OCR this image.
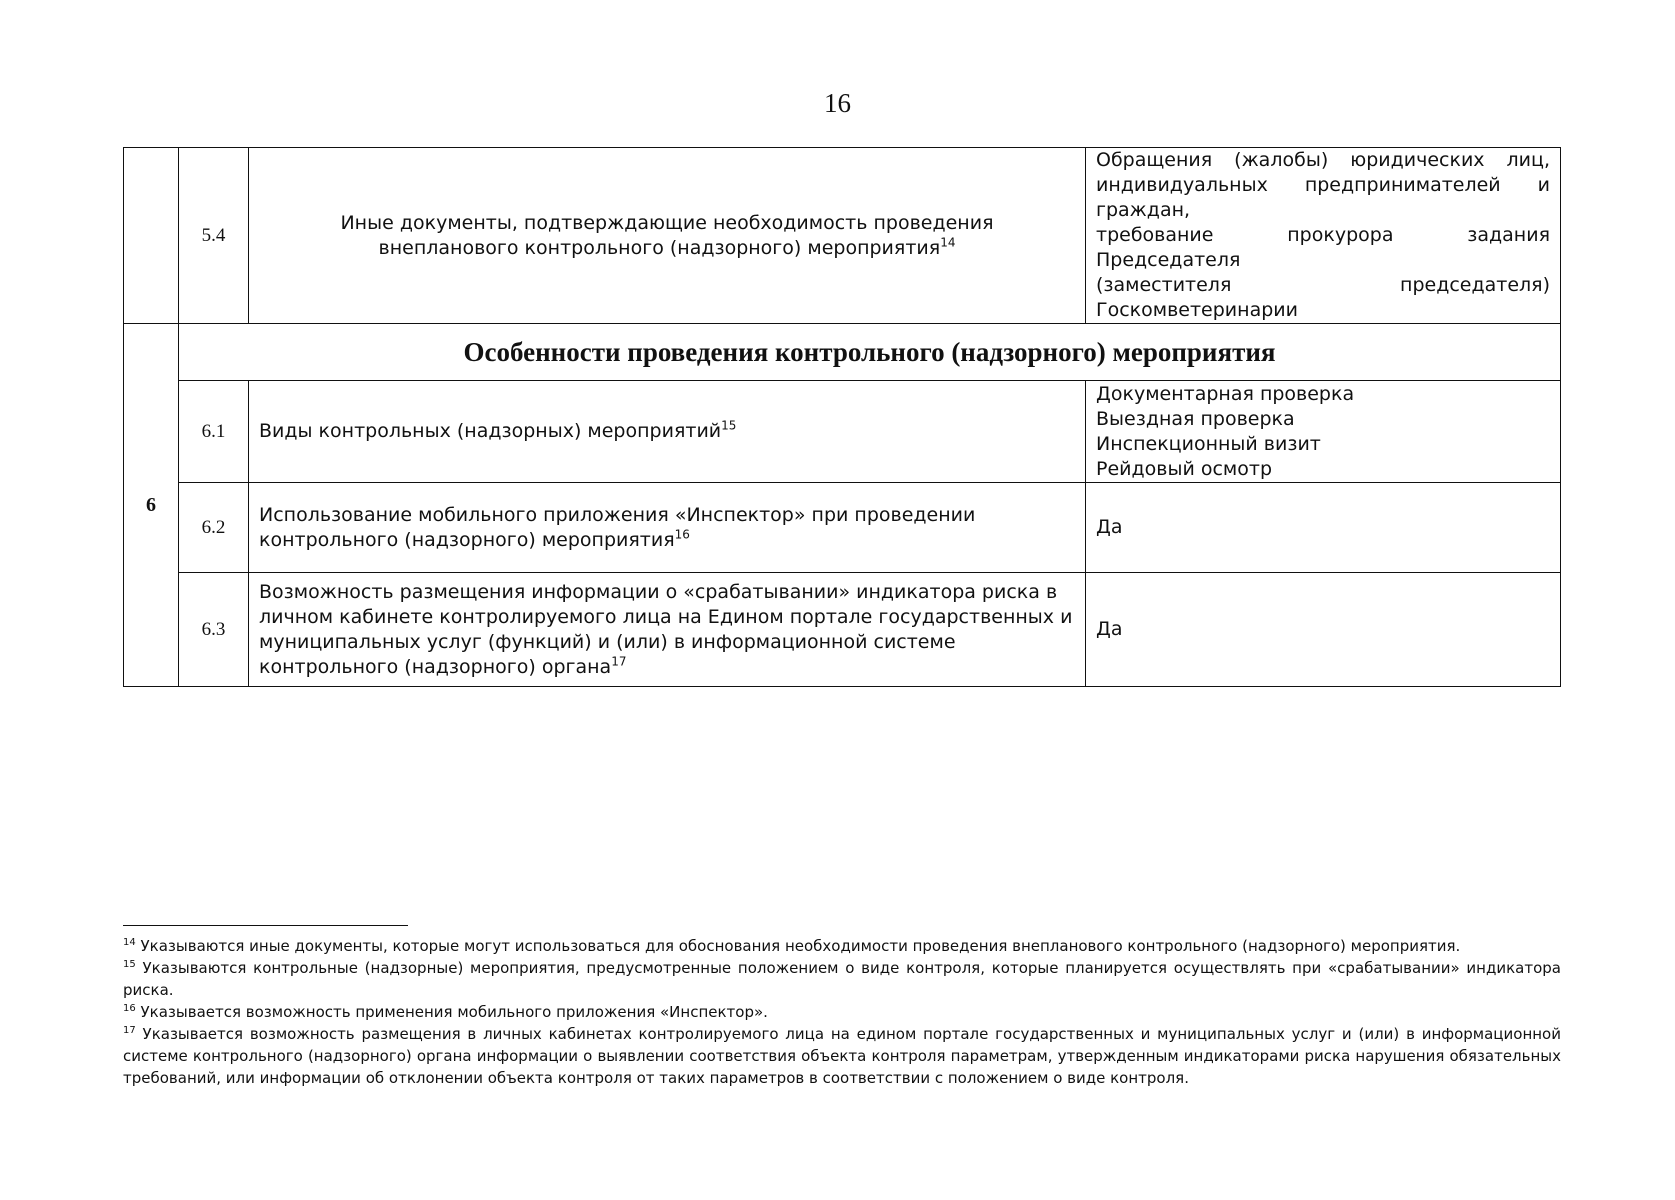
16
	5.4	Иные документы, подтверждающие необходимость проведения внепланового контрольного (надзорного) мероприятия$^{14}$	Обращения (жалобы) юридических лиц,
индивидуальных предпринимателей и граждан,
требование прокурора задания Председателя
(заместителя председателя) Госкомветеринарии

6	Особенности проведения контрольного (надзорного) мероприятия		
	6.1	Виды контрольных (надзорных) мероприятий$^{15}$	Документарная проверка
Выездная проверка
Инспекционный визит
Рейдовый осмотр

	6.2	Использование мобильного приложения «Инспектор» при проведении контрольного (надзорного) мероприятия$^{16}$	Да
	6.3	Возможность размещения информации о «срабатывании» индикатора риска в личном кабинете контролируемого лица на Едином портале государственных и муниципальных услуг (функций) и (или) в информационной системе контрольного (надзорного) органа$^{17}$	Да

$^{14}$ Указываются иные документы, которые могут использоваться для обоснования необходимости проведения внепланового контрольного (надзорного) мероприятия.

$^{15}$ Указываются контрольные (надзорные) мероприятия, предусмотренные положением о виде контроля, которые планируется осуществлять при «срабатывании» индикатора риска.

$^{16}$ Указывается возможность применения мобильного приложения «Инспектор».

$^{17}$ Указывается возможность размещения в личных кабинетах контролируемого лица на едином портале государственных и муниципальных услуг и (или) в информационной системе контрольного (надзорного) органа информации о выявлении соответствия объекта контроля параметрам, утвержденным индикаторами риска нарушения обязательных требований, или информации об отклонении объекта контроля от таких параметров в соответствии с положением о виде контроля.
